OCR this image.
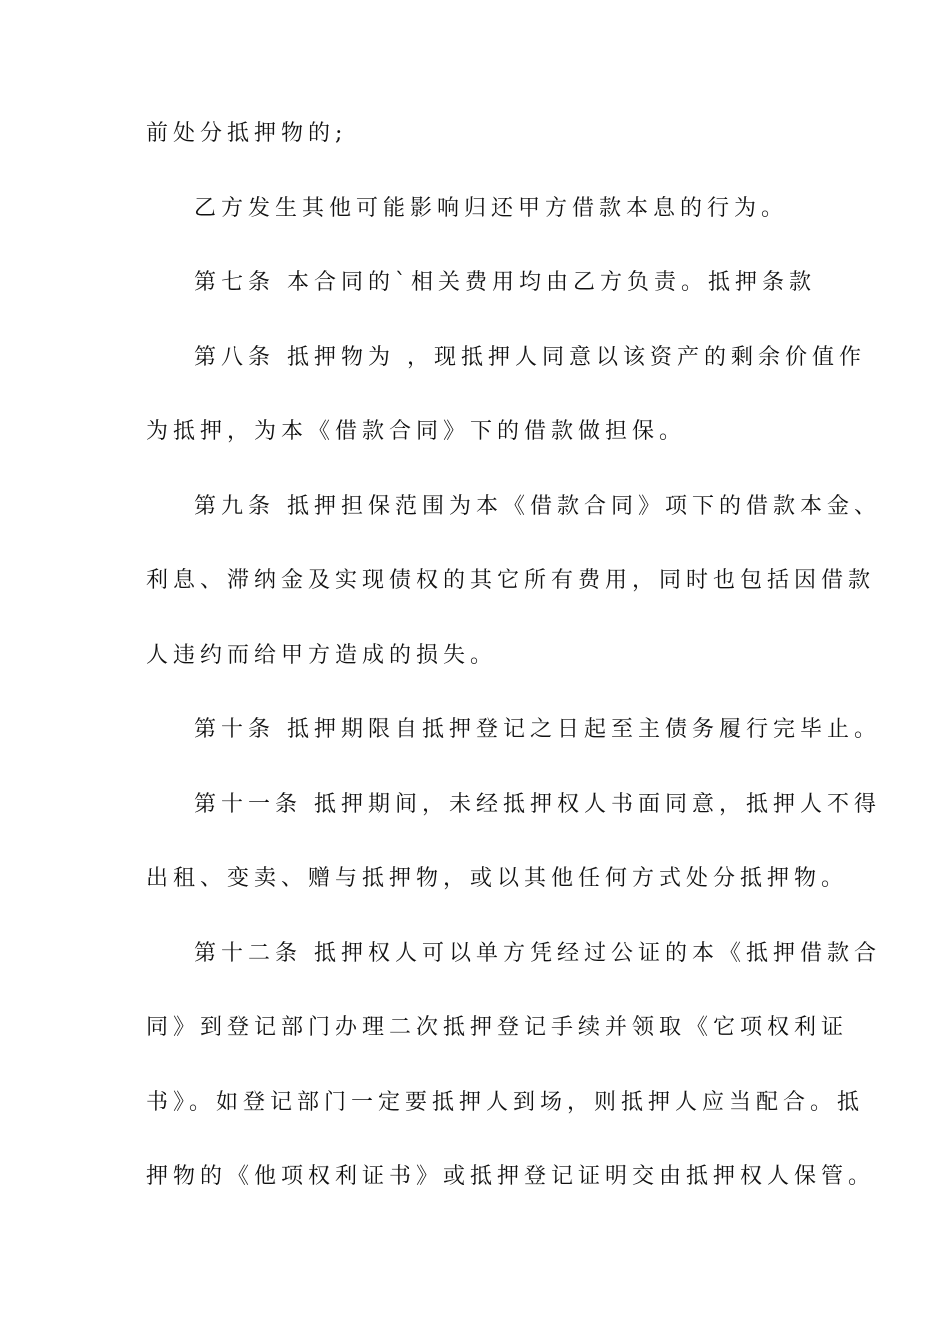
前处分抵押物的;
乙方发生其他可能影响归还甲方借款本息的行为。
第七条 本合同的`相关费用均由乙方负责。抵押条款
第八条 抵押物为 ，现抵押人同意以该资产的剩余价值作
为抵押，为本《借款合同》下的借款做担保。
第九条 抵押担保范围为本《借款合同》项下的借款本金、
利息、滞纳金及实现债权的其它所有费用，同时也包括因借款
人违约而给甲方造成的损失。
第十条 抵押期限自抵押登记之日起至主债务履行完毕止。
第十一条 抵押期间，未经抵押权人书面同意，抵押人不得
出租、变卖、赠与抵押物，或以其他任何方式处分抵押物。
第十二条 抵押权人可以单方凭经过公证的本《抵押借款合
同》到登记部门办理二次抵押登记手续并领取《它项权利证
书》。如登记部门一定要抵押人到场，则抵押人应当配合。抵
押物的《他项权利证书》或抵押登记证明交由抵押权人保管。
